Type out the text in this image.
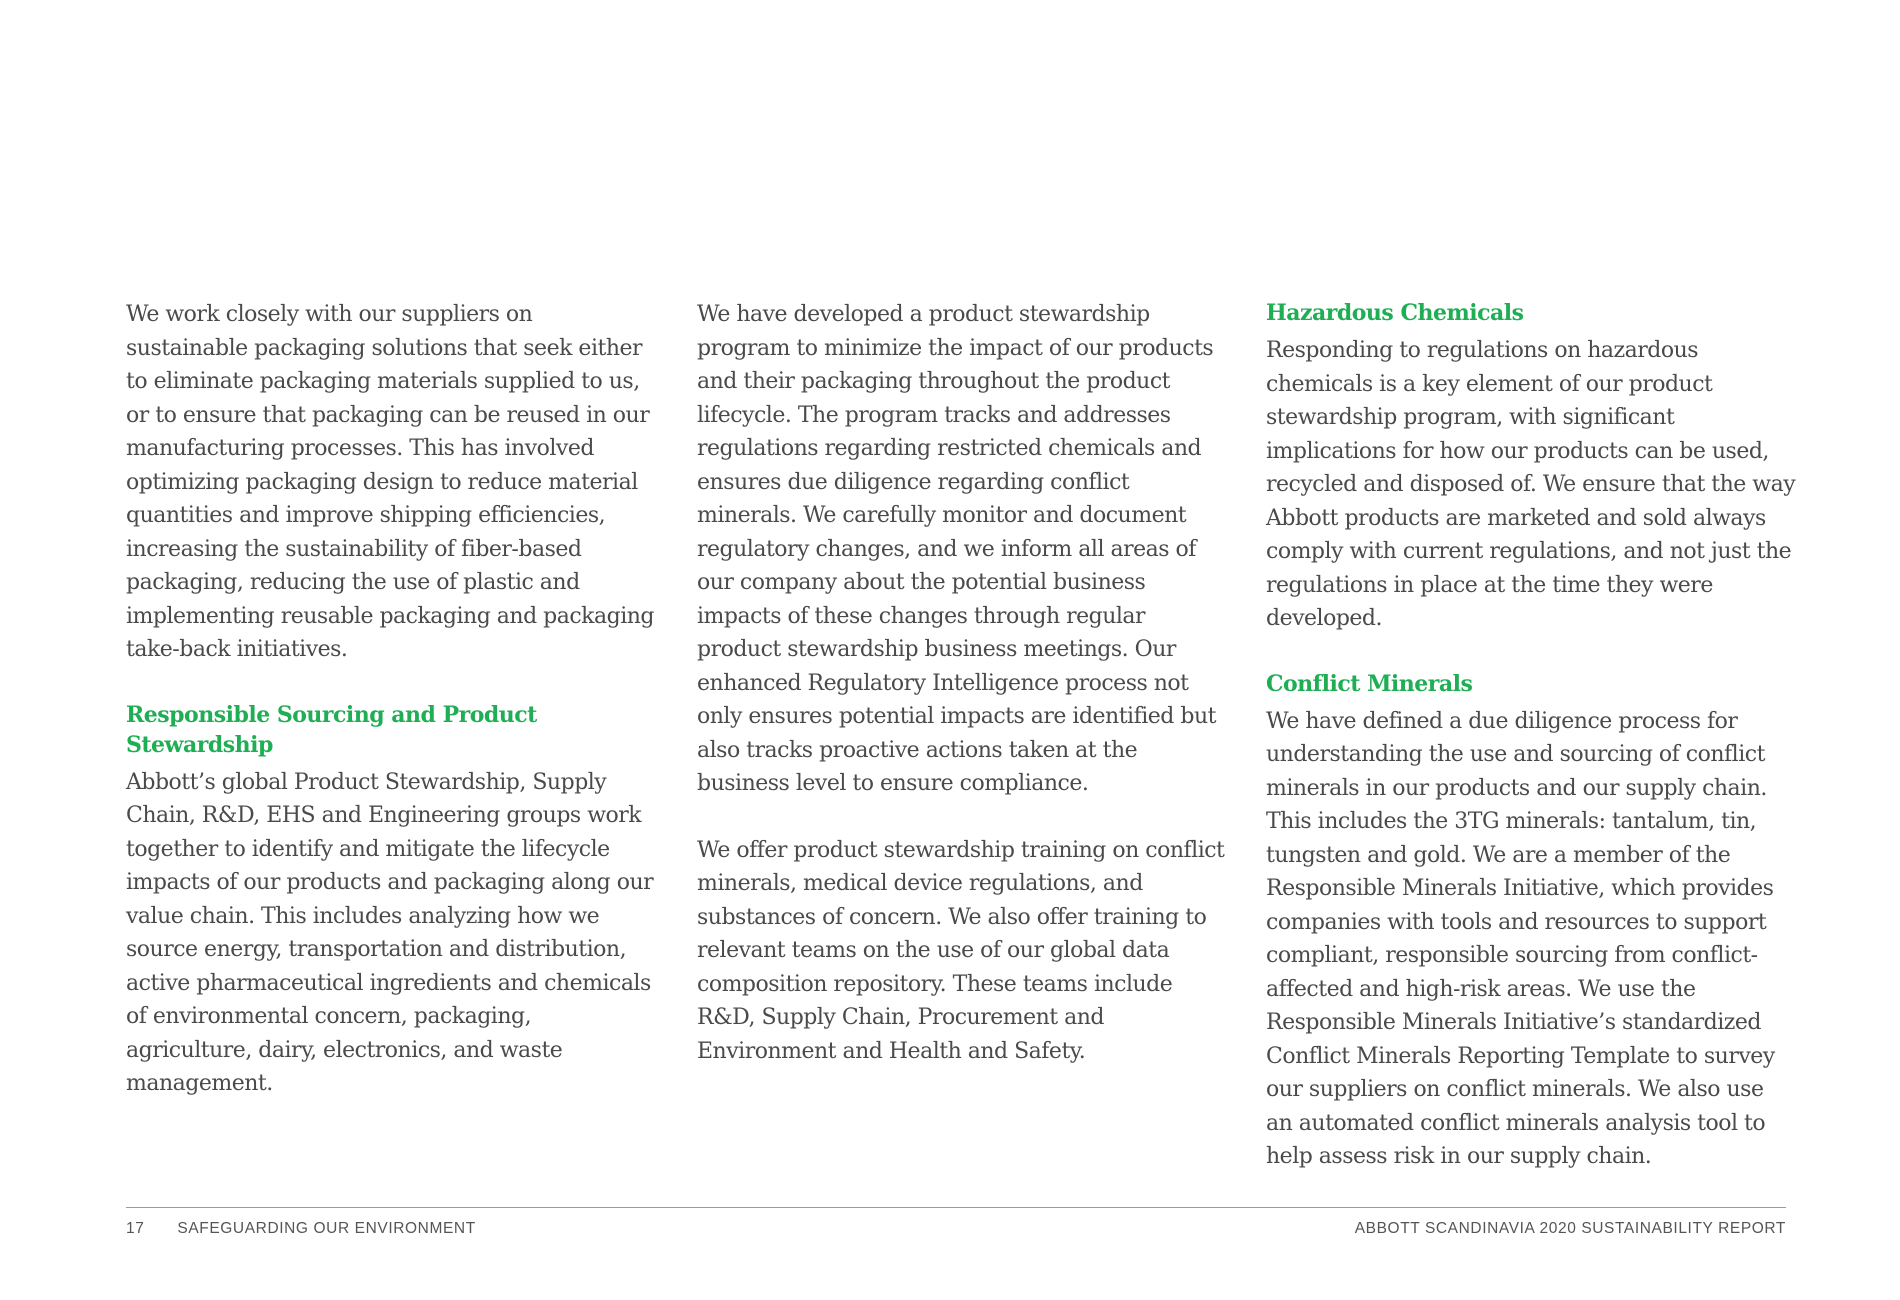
We work closely with our suppliers on sustainable packaging solutions that seek either to eliminate packaging materials supplied to us, or to ensure that packaging can be reused in our manufacturing processes. This has involved optimizing packaging design to reduce material quantities and improve shipping efficiencies, increasing the sustainability of fiber-based packaging, reducing the use of plastic and implementing reusable packaging and packaging take-back initiatives.

Responsible Sourcing and Product Stewardship

Abbott’s global Product Stewardship, Supply Chain, R&D, EHS and Engineering groups work together to identify and mitigate the lifecycle impacts of our products and packaging along our value chain. This includes analyzing how we source energy, transportation and distribution, active pharmaceutical ingredients and chemicals of environmental concern, packaging, agriculture, dairy, electronics, and waste management.

We have developed a product stewardship program to minimize the impact of our products and their packaging throughout the product lifecycle. The program tracks and addresses regulations regarding restricted chemicals and ensures due diligence regarding conflict minerals. We carefully monitor and document regulatory changes, and we inform all areas of our company about the potential business impacts of these changes through regular product stewardship business meetings. Our enhanced Regulatory Intelligence process not only ensures potential impacts are identified but also tracks proactive actions taken at the business level to ensure compliance.

We offer product stewardship training on conflict minerals, medical device regulations, and substances of concern. We also offer training to relevant teams on the use of our global data composition repository. These teams include R&D, Supply Chain, Procurement and Environment and Health and Safety.

Hazardous Chemicals

Responding to regulations on hazardous chemicals is a key element of our product stewardship program, with significant implications for how our products can be used, recycled and disposed of. We ensure that the way Abbott products are marketed and sold always comply with current regulations, and not just the regulations in place at the time they were developed.

Conflict Minerals

We have defined a due diligence process for understanding the use and sourcing of conflict minerals in our products and our supply chain. This includes the 3TG minerals: tantalum, tin, tungsten and gold. We are a member of the Responsible Minerals Initiative, which provides companies with tools and resources to support compliant, responsible sourcing from conflict-affected and high-risk areas. We use the Responsible Minerals Initiative’s standardized Conflict Minerals Reporting Template to survey our suppliers on conflict minerals. We also use an automated conflict minerals analysis tool to help assess risk in our supply chain.

17 SAFEGUARDING OUR ENVIRONMENT	ABBOTT SCANDINAVIA 2020 SUSTAINABILITY REPORT
